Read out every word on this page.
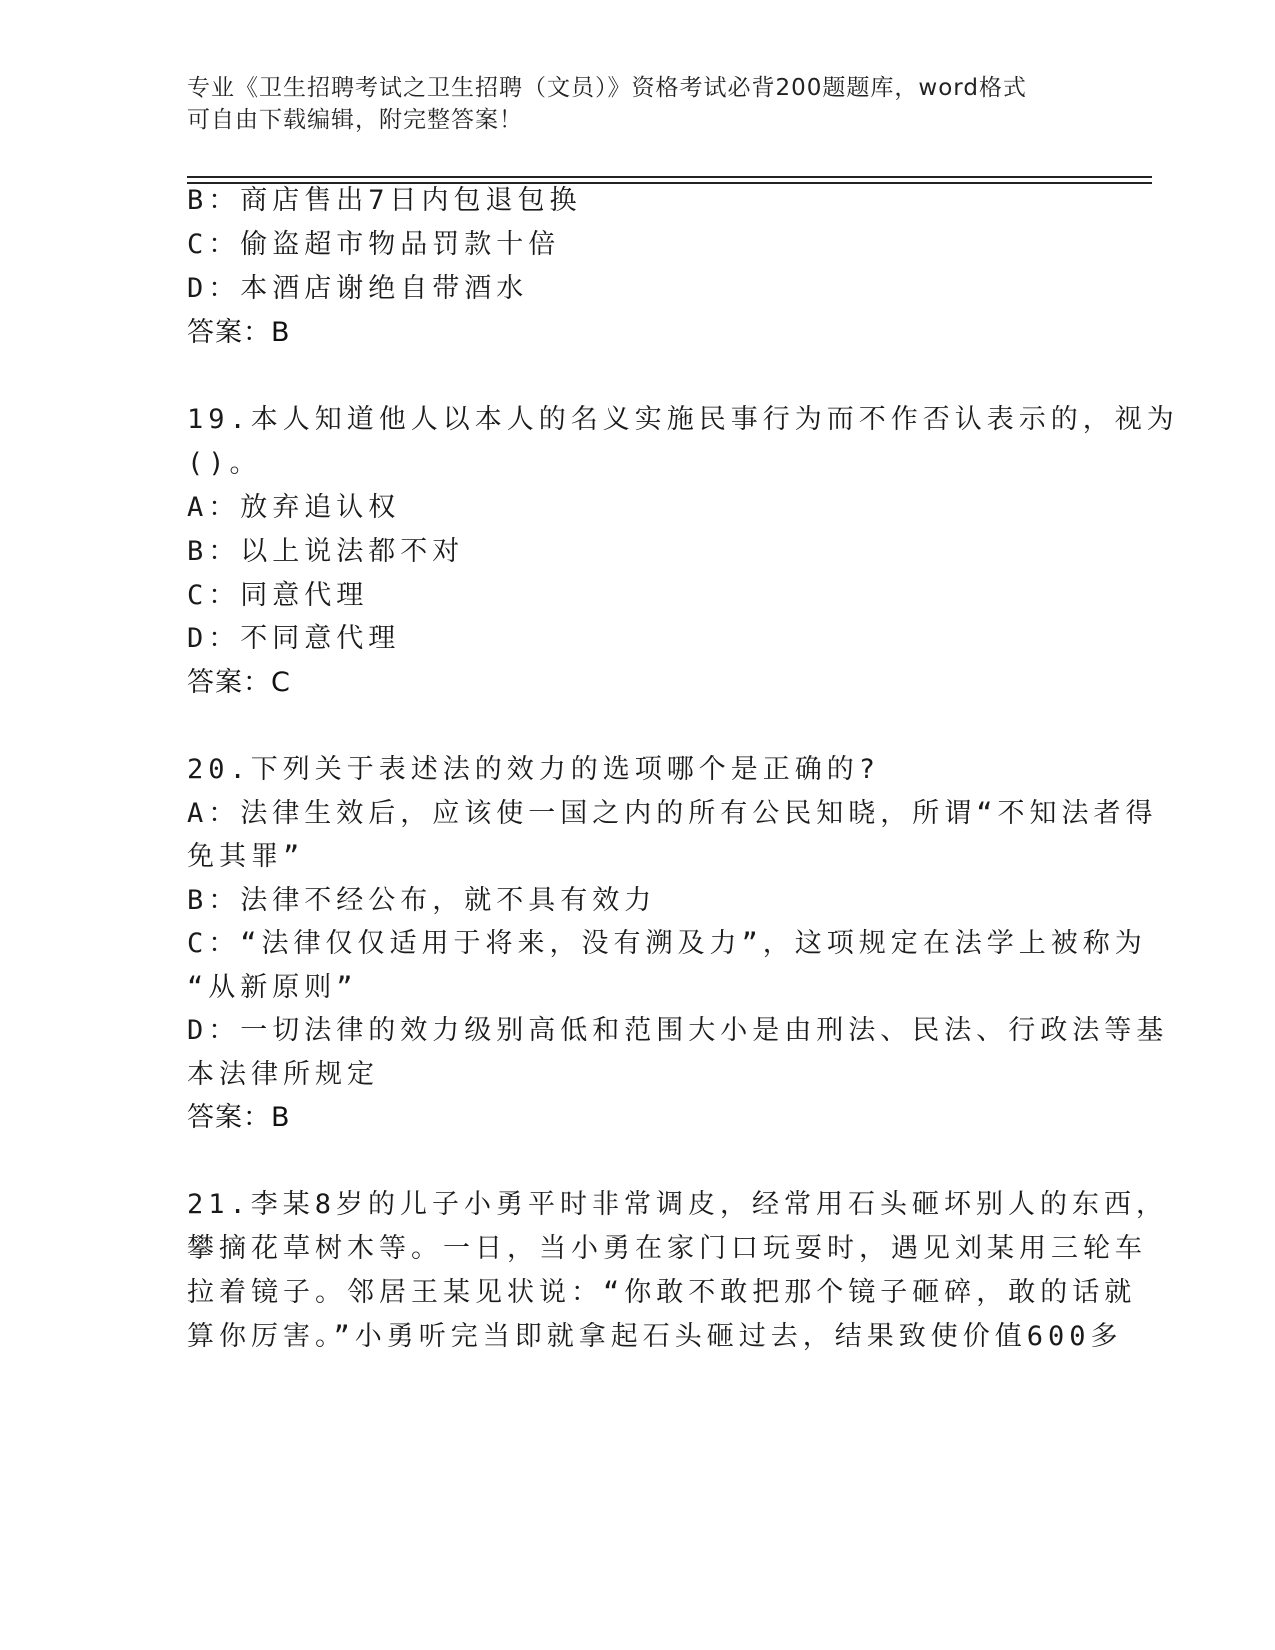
专业《卫生招聘考试之卫生招聘（文员）》资格考试必背200题题库，word格式
可自由下载编辑，附完整答案！
B：商店售出7日内包退包换
C：偷盗超市物品罚款十倍
D：本酒店谢绝自带酒水
答案：B
19.本人知道他人以本人的名义实施民事行为而不作否认表示的，视为
()。
A：放弃追认权
B：以上说法都不对
C：同意代理
D：不同意代理
答案：C
20.下列关于表述法的效力的选项哪个是正确的?
A：法律生效后，应该使一国之内的所有公民知晓，所谓“不知法者得
免其罪”
B：法律不经公布，就不具有效力
C：“法律仅仅适用于将来，没有溯及力”，这项规定在法学上被称为
“从新原则”
D：一切法律的效力级别高低和范围大小是由刑法、民法、行政法等基
本法律所规定
答案：B
21.李某8岁的儿子小勇平时非常调皮，经常用石头砸坏别人的东西，
攀摘花草树木等。一日，当小勇在家门口玩耍时，遇见刘某用三轮车
拉着镜子。邻居王某见状说：“你敢不敢把那个镜子砸碎，敢的话就
算你厉害。”小勇听完当即就拿起石头砸过去，结果致使价值600多
